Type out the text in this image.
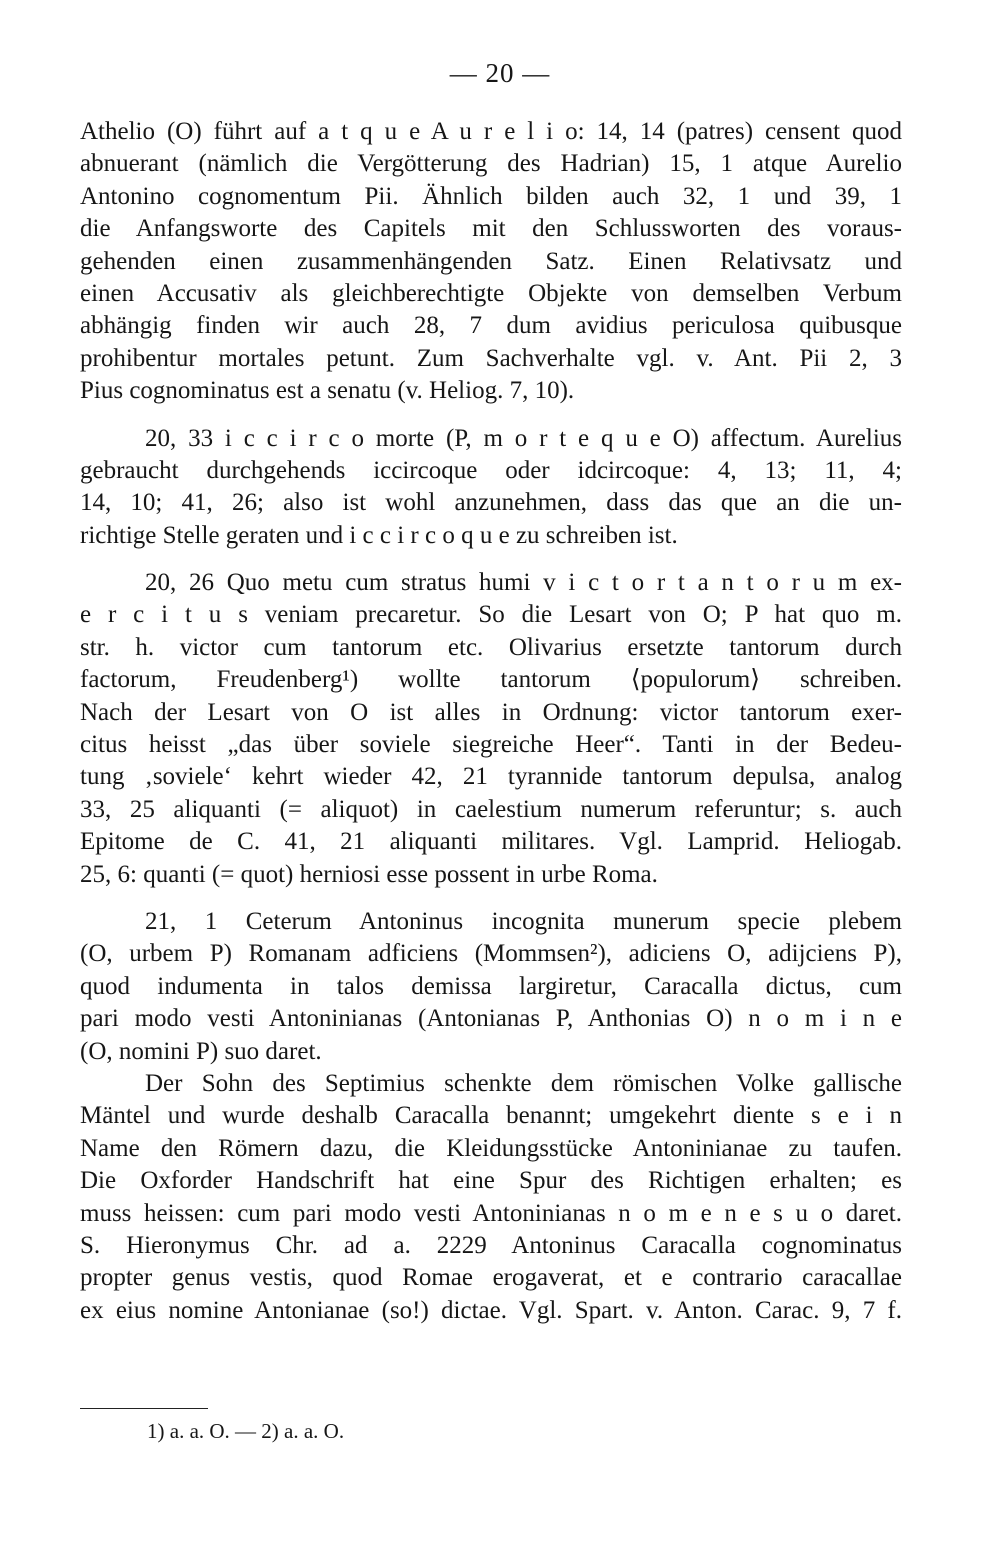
— 20 —
Athelio (O) führt auf a t q u e A u r e l i o: 14, 14 (patres) censent quod
abnuerant (nämlich die Vergötterung des Hadrian) 15, 1 atque Aurelio
Antonino cognomentum Pii. Ähnlich bilden auch 32, 1 und 39, 1
die Anfangsworte des Capitels mit den Schlussworten des voraus-
gehenden einen zusammenhängenden Satz. Einen Relativsatz und
einen Accusativ als gleichberechtigte Objekte von demselben Verbum
abhängig finden wir auch 28, 7 dum avidius periculosa quibusque
prohibentur mortales petunt. Zum Sachverhalte vgl. v. Ant. Pii 2, 3
Pius cognominatus est a senatu (v. Heliog. 7, 10).
20, 33 i c c i r c o morte (P, m o r t e q u e O) affectum. Aurelius
gebraucht durchgehends iccircoque oder idcircoque: 4, 13; 11, 4;
14, 10; 41, 26; also ist wohl anzunehmen, dass das que an die un-
richtige Stelle geraten und i c c i r c o q u e zu schreiben ist.
20, 26 Quo metu cum stratus humi v i c t o r t a n t o r u m ex-
e r c i t u s veniam precaretur. So die Lesart von O; P hat quo m.
str. h. victor cum tantorum etc. Olivarius ersetzte tantorum durch
factorum, Freudenberg¹) wollte tantorum ⟨populorum⟩ schreiben.
Nach der Lesart von O ist alles in Ordnung: victor tantorum exer-
citus heisst „das über soviele siegreiche Heer“. Tanti in der Bedeu-
tung ‚soviele‘ kehrt wieder 42, 21 tyrannide tantorum depulsa, analog
33, 25 aliquanti (= aliquot) in caelestium numerum referuntur; s. auch
Epitome de C. 41, 21 aliquanti militares. Vgl. Lamprid. Heliogab.
25, 6: quanti (= quot) herniosi esse possent in urbe Roma.
21, 1 Ceterum Antoninus incognita munerum specie plebem
(O, urbem P) Romanam adficiens (Mommsen²), adiciens O, adijciens P),
quod indumenta in talos demissa largiretur, Caracalla dictus, cum
pari modo vesti Antoninianas (Antonianas P, Anthonias O) n o m i n e
(O, nomini P) suo daret.
Der Sohn des Septimius schenkte dem römischen Volke gallische
Mäntel und wurde deshalb Caracalla benannt; umgekehrt diente s e i n
Name den Römern dazu, die Kleidungsstücke Antoninianae zu taufen.
Die Oxforder Handschrift hat eine Spur des Richtigen erhalten; es
muss heissen: cum pari modo vesti Antoninianas n o m e n e s u o daret.
S. Hieronymus Chr. ad a. 2229 Antoninus Caracalla cognominatus
propter genus vestis, quod Romae erogaverat, et e contrario caracallae
ex eius nomine Antonianae (so!) dictae. Vgl. Spart. v. Anton. Carac. 9, 7 f.
1) a. a. O. — 2) a. a. O.
